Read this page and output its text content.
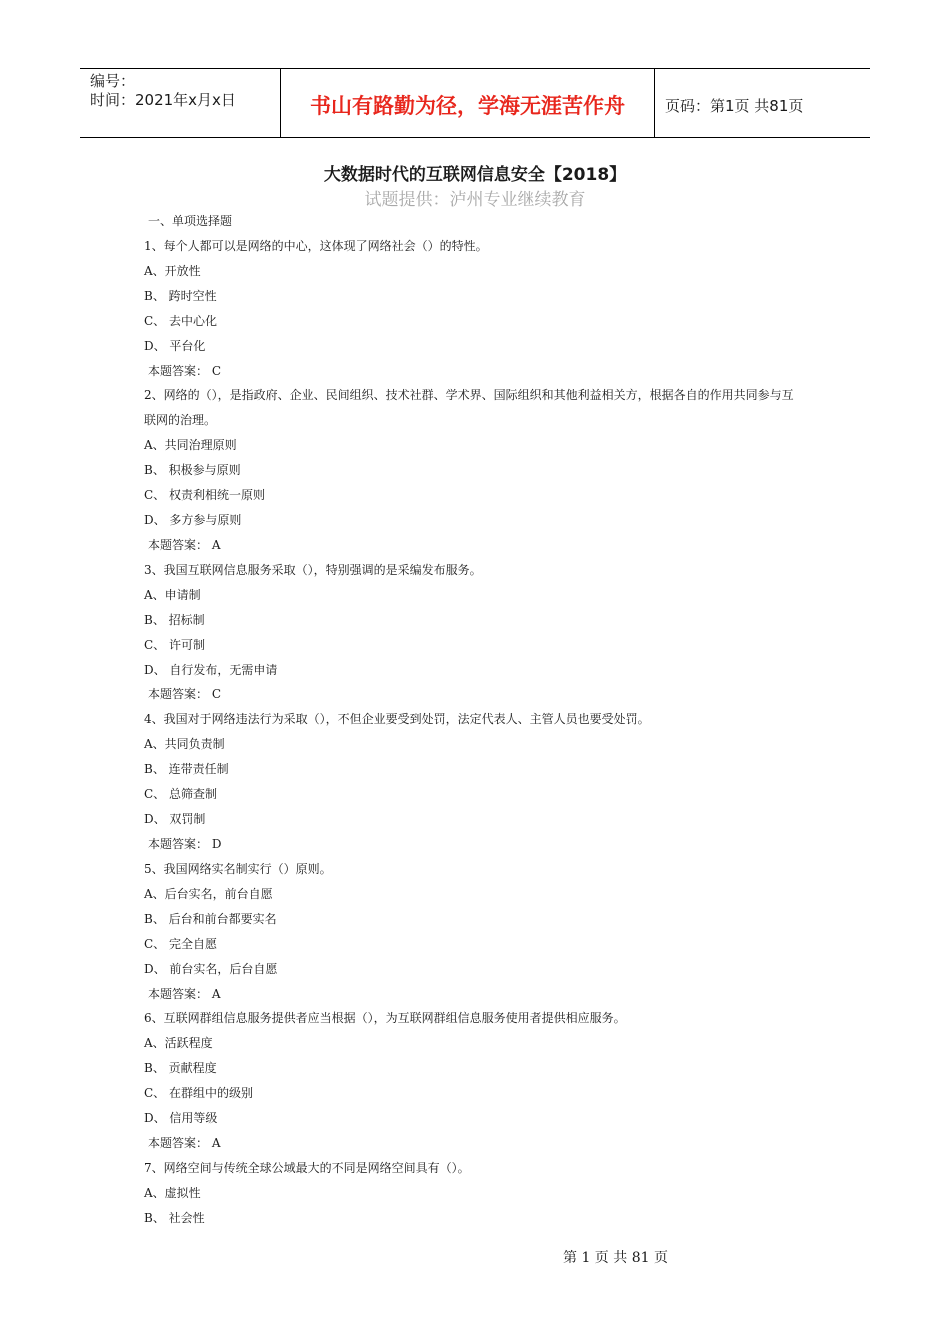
编号：
时间：2021年x月x日	书山有路勤为径，学海无涯苦作舟	页码：第1页 共81页
大数据时代的互联网信息安全【2018】
试题提供：泸州专业继续教育
一、单项选择题
1、每个人都可以是网络的中心，这体现了网络社会（）的特性。
A、开放性
B、 跨时空性
C、 去中心化
D、 平台化
本题答案： C
2、网络的（），是指政府、企业、民间组织、技术社群、学术界、国际组织和其他利益相关方，根据各自的作用共同参与互
联网的治理。
A、共同治理原则
B、 积极参与原则
C、 权责利相统一原则
D、 多方参与原则
本题答案： A
3、我国互联网信息服务采取（），特别强调的是采编发布服务。
A、申请制
B、 招标制
C、 许可制
D、 自行发布，无需申请
本题答案： C
4、我国对于网络违法行为采取（），不但企业要受到处罚，法定代表人、主管人员也要受处罚。
A、共同负责制
B、 连带责任制
C、 总筛查制
D、 双罚制
本题答案： D
5、我国网络实名制实行（）原则。
A、后台实名，前台自愿
B、 后台和前台都要实名
C、 完全自愿
D、 前台实名，后台自愿
本题答案： A
6、互联网群组信息服务提供者应当根据（），为互联网群组信息服务使用者提供相应服务。
A、活跃程度
B、 贡献程度
C、 在群组中的级别
D、 信用等级
本题答案： A
7、网络空间与传统全球公域最大的不同是网络空间具有（）。
A、虚拟性
B、 社会性
第 1 页 共 81 页
